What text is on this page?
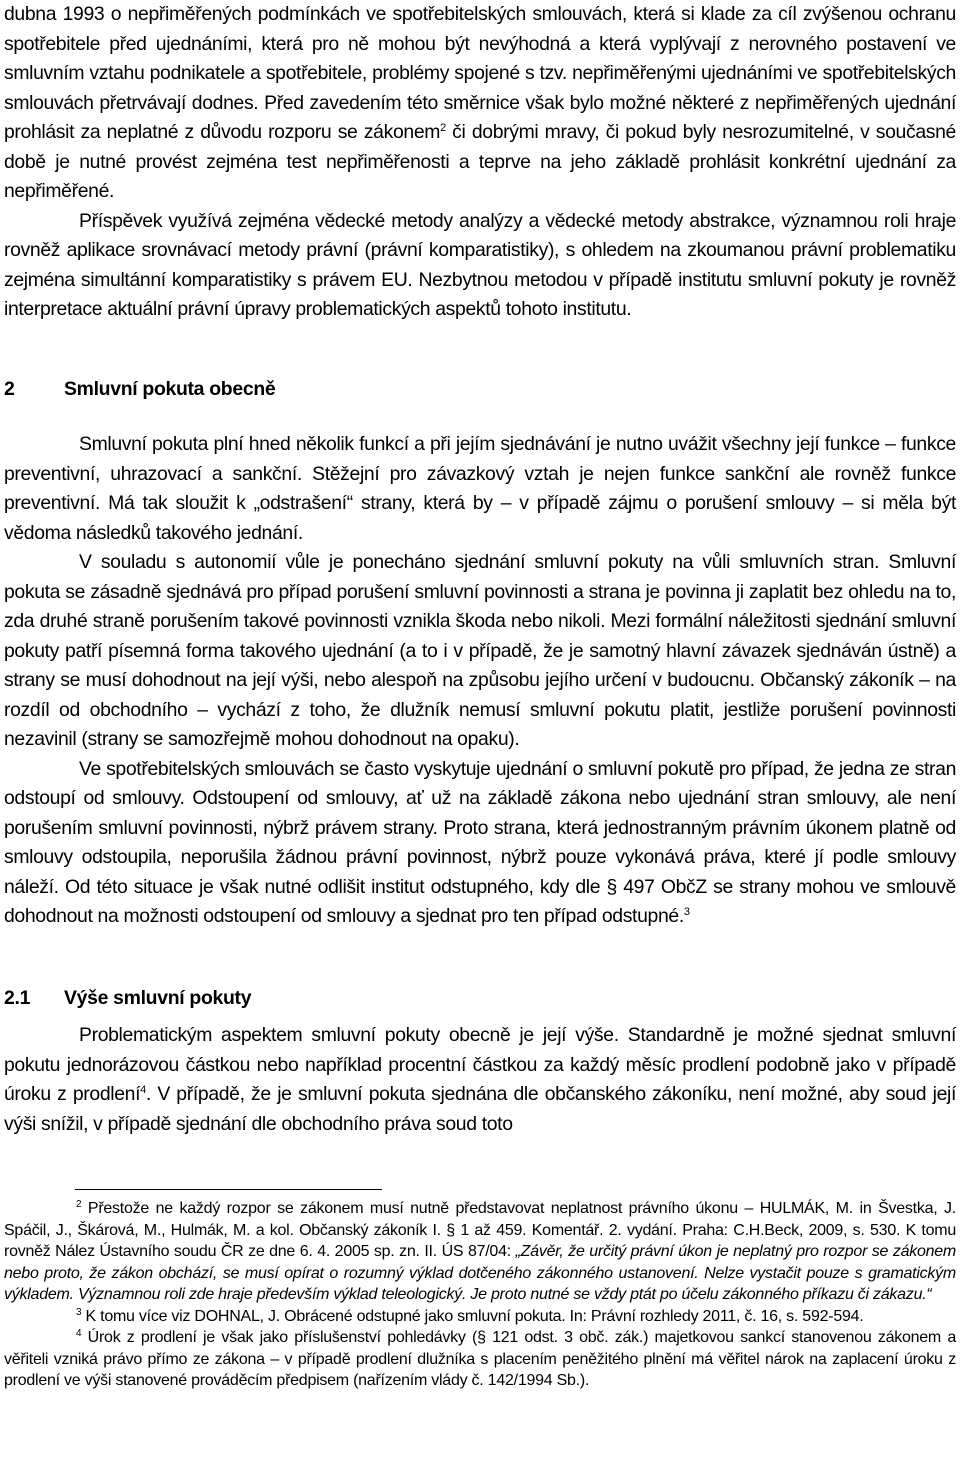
dubna 1993 o nepřiměřených podmínkách ve spotřebitelských smlouvách, která si klade za cíl zvýšenou ochranu spotřebitele před ujednáními, která pro ně mohou být nevýhodná a která vyplývají z nerovného postavení ve smluvním vztahu podnikatele a spotřebitele, problémy spojené s tzv. nepřiměřenými ujednáními ve spotřebitelských smlouvách přetrvávají dodnes. Před zavedením této směrnice však bylo možné některé z nepřiměřených ujednání prohlásit za neplatné z důvodu rozporu se zákonem$^2$ či dobrými mravy, či pokud byly nesrozumitelné, v současné době je nutné provést zejména test nepřiměřenosti a teprve na jeho základě prohlásit konkrétní ujednání za nepřiměřené.

Příspěvek využívá zejména vědecké metody analýzy a vědecké metody abstrakce, významnou roli hraje rovněž aplikace srovnávací metody právní (právní komparatistiky), s ohledem na zkoumanou právní problematiku zejména simultánní komparatistiky s právem EU. Nezbytnou metodou v případě institutu smluvní pokuty je rovněž interpretace aktuální právní úpravy problematických aspektů tohoto institutu.

2	Smluvní pokuta obecně

Smluvní pokuta plní hned několik funkcí a při jejím sjednávání je nutno uvážit všechny její funkce – funkce preventivní, uhrazovací a sankční. Stěžejní pro závazkový vztah je nejen funkce sankční ale rovněž funkce preventivní. Má tak sloužit k „odstrašení“ strany, která by – v případě zájmu o porušení smlouvy – si měla být vědoma následků takového jednání.

V souladu s autonomií vůle je ponecháno sjednání smluvní pokuty na vůli smluvních stran. Smluvní pokuta se zásadně sjednává pro případ porušení smluvní povinnosti a strana je povinna ji zaplatit bez ohledu na to, zda druhé straně porušením takové povinnosti vznikla škoda nebo nikoli. Mezi formální náležitosti sjednání smluvní pokuty patří písemná forma takového ujednání (a to i v případě, že je samotný hlavní závazek sjednáván ústně) a strany se musí dohodnout na její výši, nebo alespoň na způsobu jejího určení v budoucnu. Občanský zákoník – na rozdíl od obchodního – vychází z toho, že dlužník nemusí smluvní pokutu platit, jestliže porušení povinnosti nezavinil (strany se samozřejmě mohou dohodnout na opaku).

Ve spotřebitelských smlouvách se často vyskytuje ujednání o smluvní pokutě pro případ, že jedna ze stran odstoupí od smlouvy. Odstoupení od smlouvy, ať už na základě zákona nebo ujednání stran smlouvy, ale není porušením smluvní povinnosti, nýbrž právem strany. Proto strana, která jednostranným právním úkonem platně od smlouvy odstoupila, neporušila žádnou právní povinnost, nýbrž pouze vykonává práva, které jí podle smlouvy náleží. Od této situace je však nutné odlišit institut odstupného, kdy dle § 497 ObčZ se strany mohou ve smlouvě dohodnout na možnosti odstoupení od smlouvy a sjednat pro ten případ odstupné.$^3$

2.1 Výše smluvní pokuty

Problematickým aspektem smluvní pokuty obecně je její výše. Standardně je možné sjednat smluvní pokutu jednorázovou částkou nebo například procentní částkou za každý měsíc prodlení podobně jako v případě úroku z prodlení$^4$. V případě, že je smluvní pokuta sjednána dle občanského zákoníku, není možné, aby soud její výši snížil, v případě sjednání dle obchodního práva soud toto

$^2$ Přestože ne každý rozpor se zákonem musí nutně představovat neplatnost právního úkonu – HULMÁK, M. in Švestka, J. Spáčil, J., Škárová, M., Hulmák, M. a kol. Občanský zákoník I. § 1 až 459. Komentář. 2. vydání. Praha: C.H.Beck, 2009, s. 530. K tomu rovněž Nález Ústavního soudu ČR ze dne 6. 4. 2005 sp. zn. II. ÚS 87/04: „Závěr, že určitý právní úkon je neplatný pro rozpor se zákonem nebo proto, že zákon obchází, se musí opírat o rozumný výklad dotčeného zákonného ustanovení. Nelze vystačit pouze s gramatickým výkladem. Významnou roli zde hraje především výklad teleologický. Je proto nutné se vždy ptát po účelu zákonného příkazu či zákazu.“

$^3$ K tomu více viz DOHNAL, J. Obrácené odstupné jako smluvní pokuta. In: Právní rozhledy 2011, č. 16, s. 592-594.

$^4$ Úrok z prodlení je však jako příslušenství pohledávky (§ 121 odst. 3 obč. zák.) majetkovou sankcí stanovenou zákonem a věřiteli vzniká právo přímo ze zákona – v případě prodlení dlužníka s placením peněžitého plnění má věřitel nárok na zaplacení úroku z prodlení ve výši stanovené prováděcím předpisem (nařízením vlády č. 142/1994 Sb.).
